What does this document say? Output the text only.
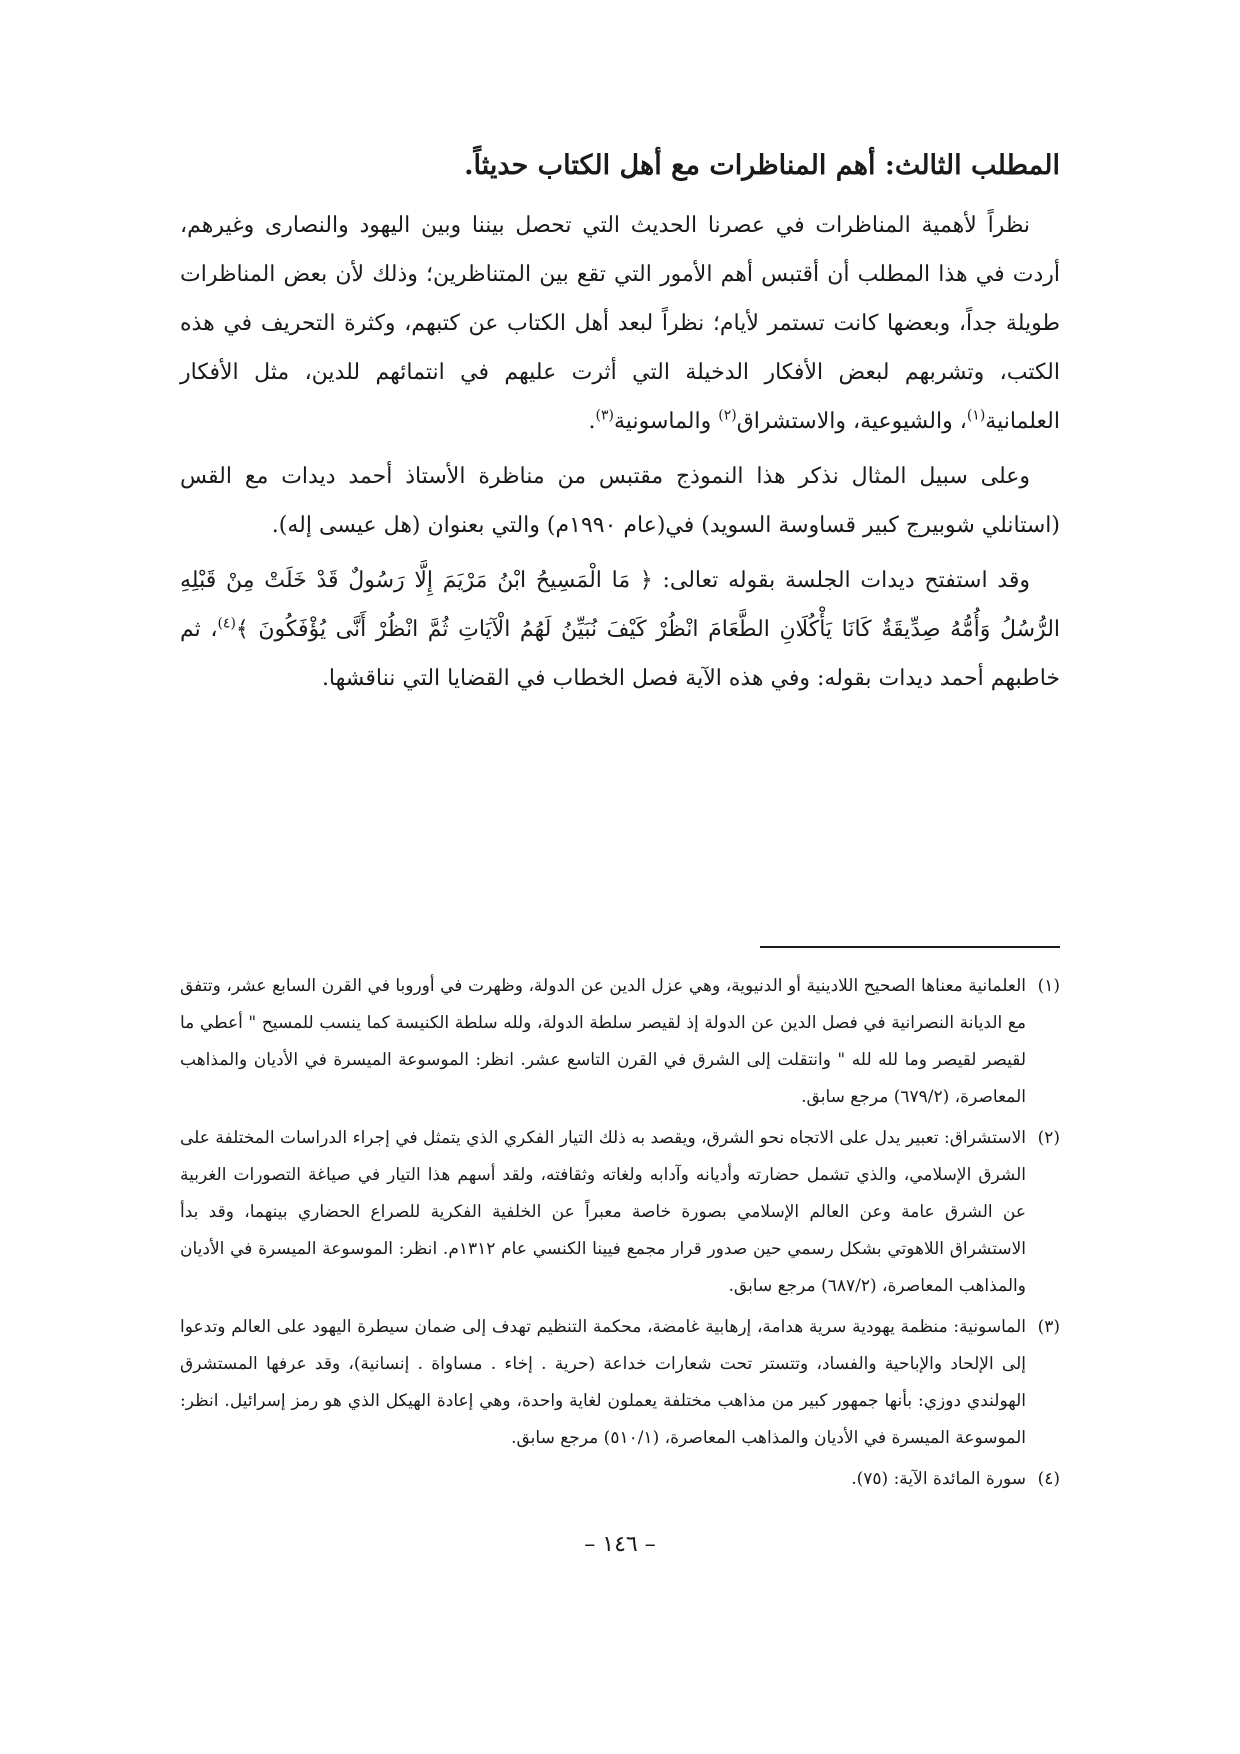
المطلب الثالث: أهم المناظرات مع أهل الكتاب حديثاً.

نظراً لأهمية المناظرات في عصرنا الحديث التي تحصل بيننا وبين اليهود والنصارى وغيرهم، أردت في هذا المطلب أن أقتبس أهم الأمور التي تقع بين المتناظرين؛ وذلك لأن بعض المناظرات طويلة جداً، وبعضها كانت تستمر لأيام؛ نظراً لبعد أهل الكتاب عن كتبهم، وكثرة التحريف في هذه الكتب، وتشربهم لبعض الأفكار الدخيلة التي أثرت عليهم في انتمائهم للدين، مثل الأفكار العلمانية$^{(١)}$، والشيوعية، والاستشراق$^{(٢)}$ والماسونية$^{(٣)}$.

وعلى سبيل المثال نذكر هذا النموذج مقتبس من مناظرة الأستاذ أحمد ديدات مع القس (استانلي شوبيرج كبير قساوسة السويد) في(عام ١٩٩٠م) والتي بعنوان (هل عيسى إله).

وقد استفتح ديدات الجلسة بقوله تعالى: ﴿ مَا الْمَسِيحُ ابْنُ مَرْيَمَ إِلَّا رَسُولٌ قَدْ خَلَتْ مِنْ قَبْلِهِ الرُّسُلُ وَأُمُّهُ صِدِّيقَةٌ كَانَا يَأْكُلَانِ الطَّعَامَ انْظُرْ كَيْفَ نُبَيِّنُ لَهُمُ الْآيَاتِ ثُمَّ انْظُرْ أَنَّى يُؤْفَكُونَ ﴾$^{(٤)}$، ثم خاطبهم أحمد ديدات بقوله: وفي هذه الآية فصل الخطاب في القضايا التي نناقشها.

(١)
العلمانية معناها الصحيح اللادينية أو الدنيوية، وهي عزل الدين عن الدولة، وظهرت في أوروبا في القرن السابع عشر، وتتفق مع الديانة النصرانية في فصل الدين عن الدولة إذ لقيصر سلطة الدولة، ولله سلطة الكنيسة كما ينسب للمسيح " أعطي ما لقيصر لقيصر وما لله لله " وانتقلت إلى الشرق في القرن التاسع عشر. انظر: الموسوعة الميسرة في الأديان والمذاهب المعاصرة، (٦٧٩/٢) مرجع سابق.
(٢)
الاستشراق: تعبير يدل على الاتجاه نحو الشرق، ويقصد به ذلك التيار الفكري الذي يتمثل في إجراء الدراسات المختلفة على الشرق الإسلامي، والذي تشمل حضارته وأديانه وآدابه ولغاته وثقافته، ولقد أسهم هذا التيار في صياغة التصورات الغربية عن الشرق عامة وعن العالم الإسلامي بصورة خاصة معبراً عن الخلفية الفكرية للصراع الحضاري بينهما، وقد بدأ الاستشراق اللاهوتي بشكل رسمي حين صدور قرار مجمع فيينا الكنسي عام ١٣١٢م. انظر: الموسوعة الميسرة في الأديان والمذاهب المعاصرة، (٦٨٧/٢) مرجع سابق.
(٣)
الماسونية: منظمة يهودية سرية هدامة، إرهابية غامضة، محكمة التنظيم تهدف إلى ضمان سيطرة اليهود على العالم وتدعوا إلى الإلحاد والإباحية والفساد، وتتستر تحت شعارات خداعة (حرية . إخاء . مساواة . إنسانية)، وقد عرفها المستشرق الهولندي دوزي: بأنها جمهور كبير من مذاهب مختلفة يعملون لغاية واحدة، وهي إعادة الهيكل الذي هو رمز إسرائيل. انظر: الموسوعة الميسرة في الأديان والمذاهب المعاصرة، (٥١٠/١) مرجع سابق.
(٤)
سورة المائدة الآية: (٧٥).
– ١٤٦ –
